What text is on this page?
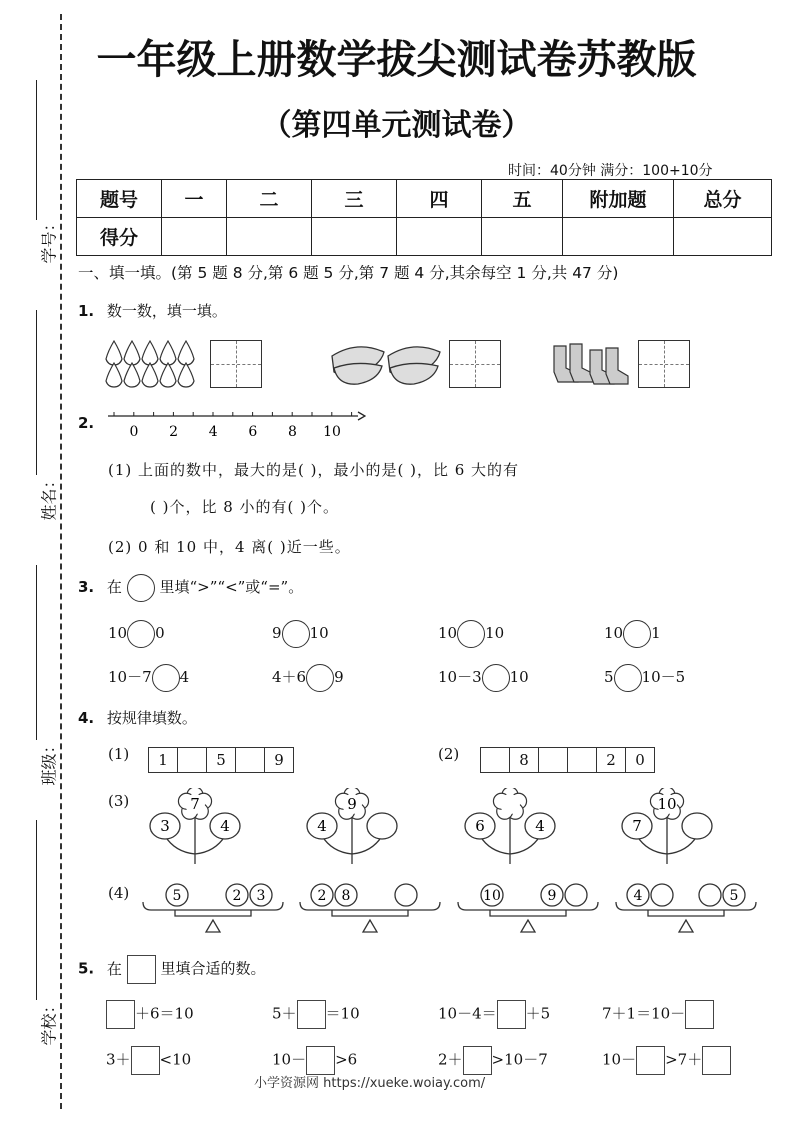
学号：
姓名：
班级：
学校：
一年级上册数学拔尖测试卷苏教版
（第四单元测试卷）
时间：40分钟 满分：100+10分
题号	一	二	三	四	五	附加题	总分
得分							
一、填一填。(第 5 题 8 分,第 6 题 5 分,第 7 题 4 分,其余每空 1 分,共 47 分)
1. 数一数，填一填。
2.	0 2 4 6 8 10
(1) 上面的数中，最大的是( )，最小的是( )，比 6 大的有
( )个，比 8 小的有( )个。
(2) 0 和 10 中，4 离( )近一些。
3. 在	里填“>”“<”或“=”。
10 0	9 10	10 10	10 1
10－7 4	4＋6 9	10－3 10	5 10－5
4. 按规律填数。
(1)	1	5	9	(2)	8	2	0
(3)	7
3	4
9
4	6	4
10
7
(4)	5	2 3	2 8	10	9	4	5
5. 在	里填合适的数。
＋6＝10	5＋ ＝10	10－4＝ ＋5	7＋1＝10－
3＋ <10	10－ >6	2＋ >10－7	10－ >7＋
小学资源网 https://xueke.woiay.com/
